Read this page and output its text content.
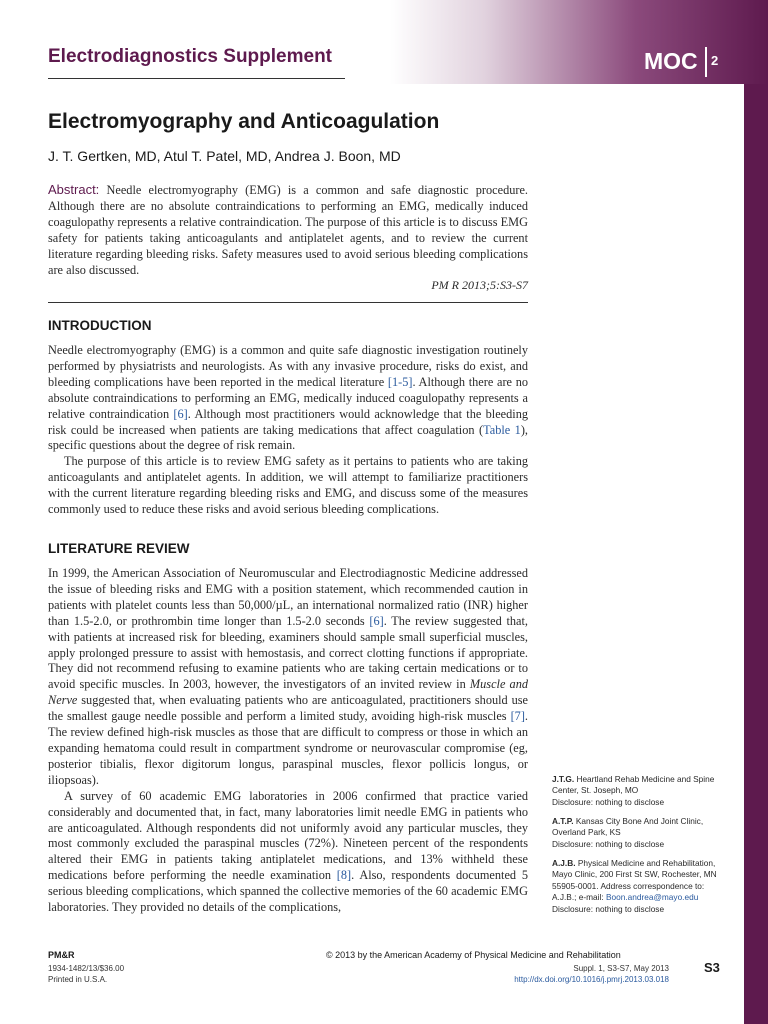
Electrodiagnostics Supplement	MOC 2
Electromyography and Anticoagulation
J. T. Gertken, MD, Atul T. Patel, MD, Andrea J. Boon, MD
Abstract: Needle electromyography (EMG) is a common and safe diagnostic procedure. Although there are no absolute contraindications to performing an EMG, medically induced coagulopathy represents a relative contraindication. The purpose of this article is to discuss EMG safety for patients taking anticoagulants and antiplatelet agents, and to review the current literature regarding bleeding risks. Safety measures used to avoid serious bleeding complications are also discussed.
PM R 2013;5:S3-S7
INTRODUCTION

Needle electromyography (EMG) is a common and quite safe diagnostic investigation routinely performed by physiatrists and neurologists. As with any invasive procedure, risks do exist, and bleeding complications have been reported in the medical literature [1-5]. Although there are no absolute contraindications to performing an EMG, medically induced coagulopathy represents a relative contraindication [6]. Although most practitioners would acknowledge that the bleeding risk could be increased when patients are taking medications that affect coagulation (Table 1), specific questions about the degree of risk remain.

The purpose of this article is to review EMG safety as it pertains to patients who are taking anticoagulants and antiplatelet agents. In addition, we will attempt to familiarize practitioners with the current literature regarding bleeding risks and EMG, and discuss some of the measures commonly used to reduce these risks and avoid serious bleeding complications.

LITERATURE REVIEW

In 1999, the American Association of Neuromuscular and Electrodiagnostic Medicine addressed the issue of bleeding risks and EMG with a position statement, which recommended caution in patients with platelet counts less than 50,000/µL, an international normalized ratio (INR) higher than 1.5-2.0, or prothrombin time longer than 1.5-2.0 seconds [6]. The review suggested that, with patients at increased risk for bleeding, examiners should sample small superficial muscles, apply prolonged pressure to assist with hemostasis, and correct clotting functions if appropriate. They did not recommend refusing to examine patients who are taking certain medications or to avoid specific muscles. In 2003, however, the investigators of an invited review in Muscle and Nerve suggested that, when evaluating patients who are anticoagulated, practitioners should use the smallest gauge needle possible and perform a limited study, avoiding high-risk muscles [7]. The review defined high-risk muscles as those that are difficult to compress or those in which an expanding hematoma could result in compartment syndrome or neurovascular compromise (eg, posterior tibialis, flexor digitorum longus, paraspinal muscles, flexor pollicis longus, or iliopsoas).

A survey of 60 academic EMG laboratories in 2006 confirmed that practice varied considerably and documented that, in fact, many laboratories limit needle EMG in patients who are anticoagulated. Although respondents did not uniformly avoid any particular muscles, they most commonly excluded the paraspinal muscles (72%). Nineteen percent of the respondents altered their EMG in patients taking antiplatelet medications, and 13% withheld these medications before performing the needle examination [8]. Also, respondents documented 5 serious bleeding complications, which spanned the collective memories of the 60 academic EMG laboratories. They provided no details of the complications,

J.T.G. Heartland Rehab Medicine and Spine Center, St. Joseph, MO
Disclosure: nothing to disclose
A.T.P. Kansas City Bone And Joint Clinic, Overland Park, KS
Disclosure: nothing to disclose
A.J.B. Physical Medicine and Rehabilitation, Mayo Clinic, 200 First St SW, Rochester, MN 55905-0001. Address correspondence to: A.J.B.; e-mail: Boon.andrea@mayo.edu
Disclosure: nothing to disclose
PM&R
1934-1482/13/$36.00
Printed in U.S.A.
© 2013 by the American Academy of Physical Medicine and Rehabilitation
Suppl. 1, S3-S7, May 2013
http://dx.doi.org/10.1016/j.pmrj.2013.03.018
S3
